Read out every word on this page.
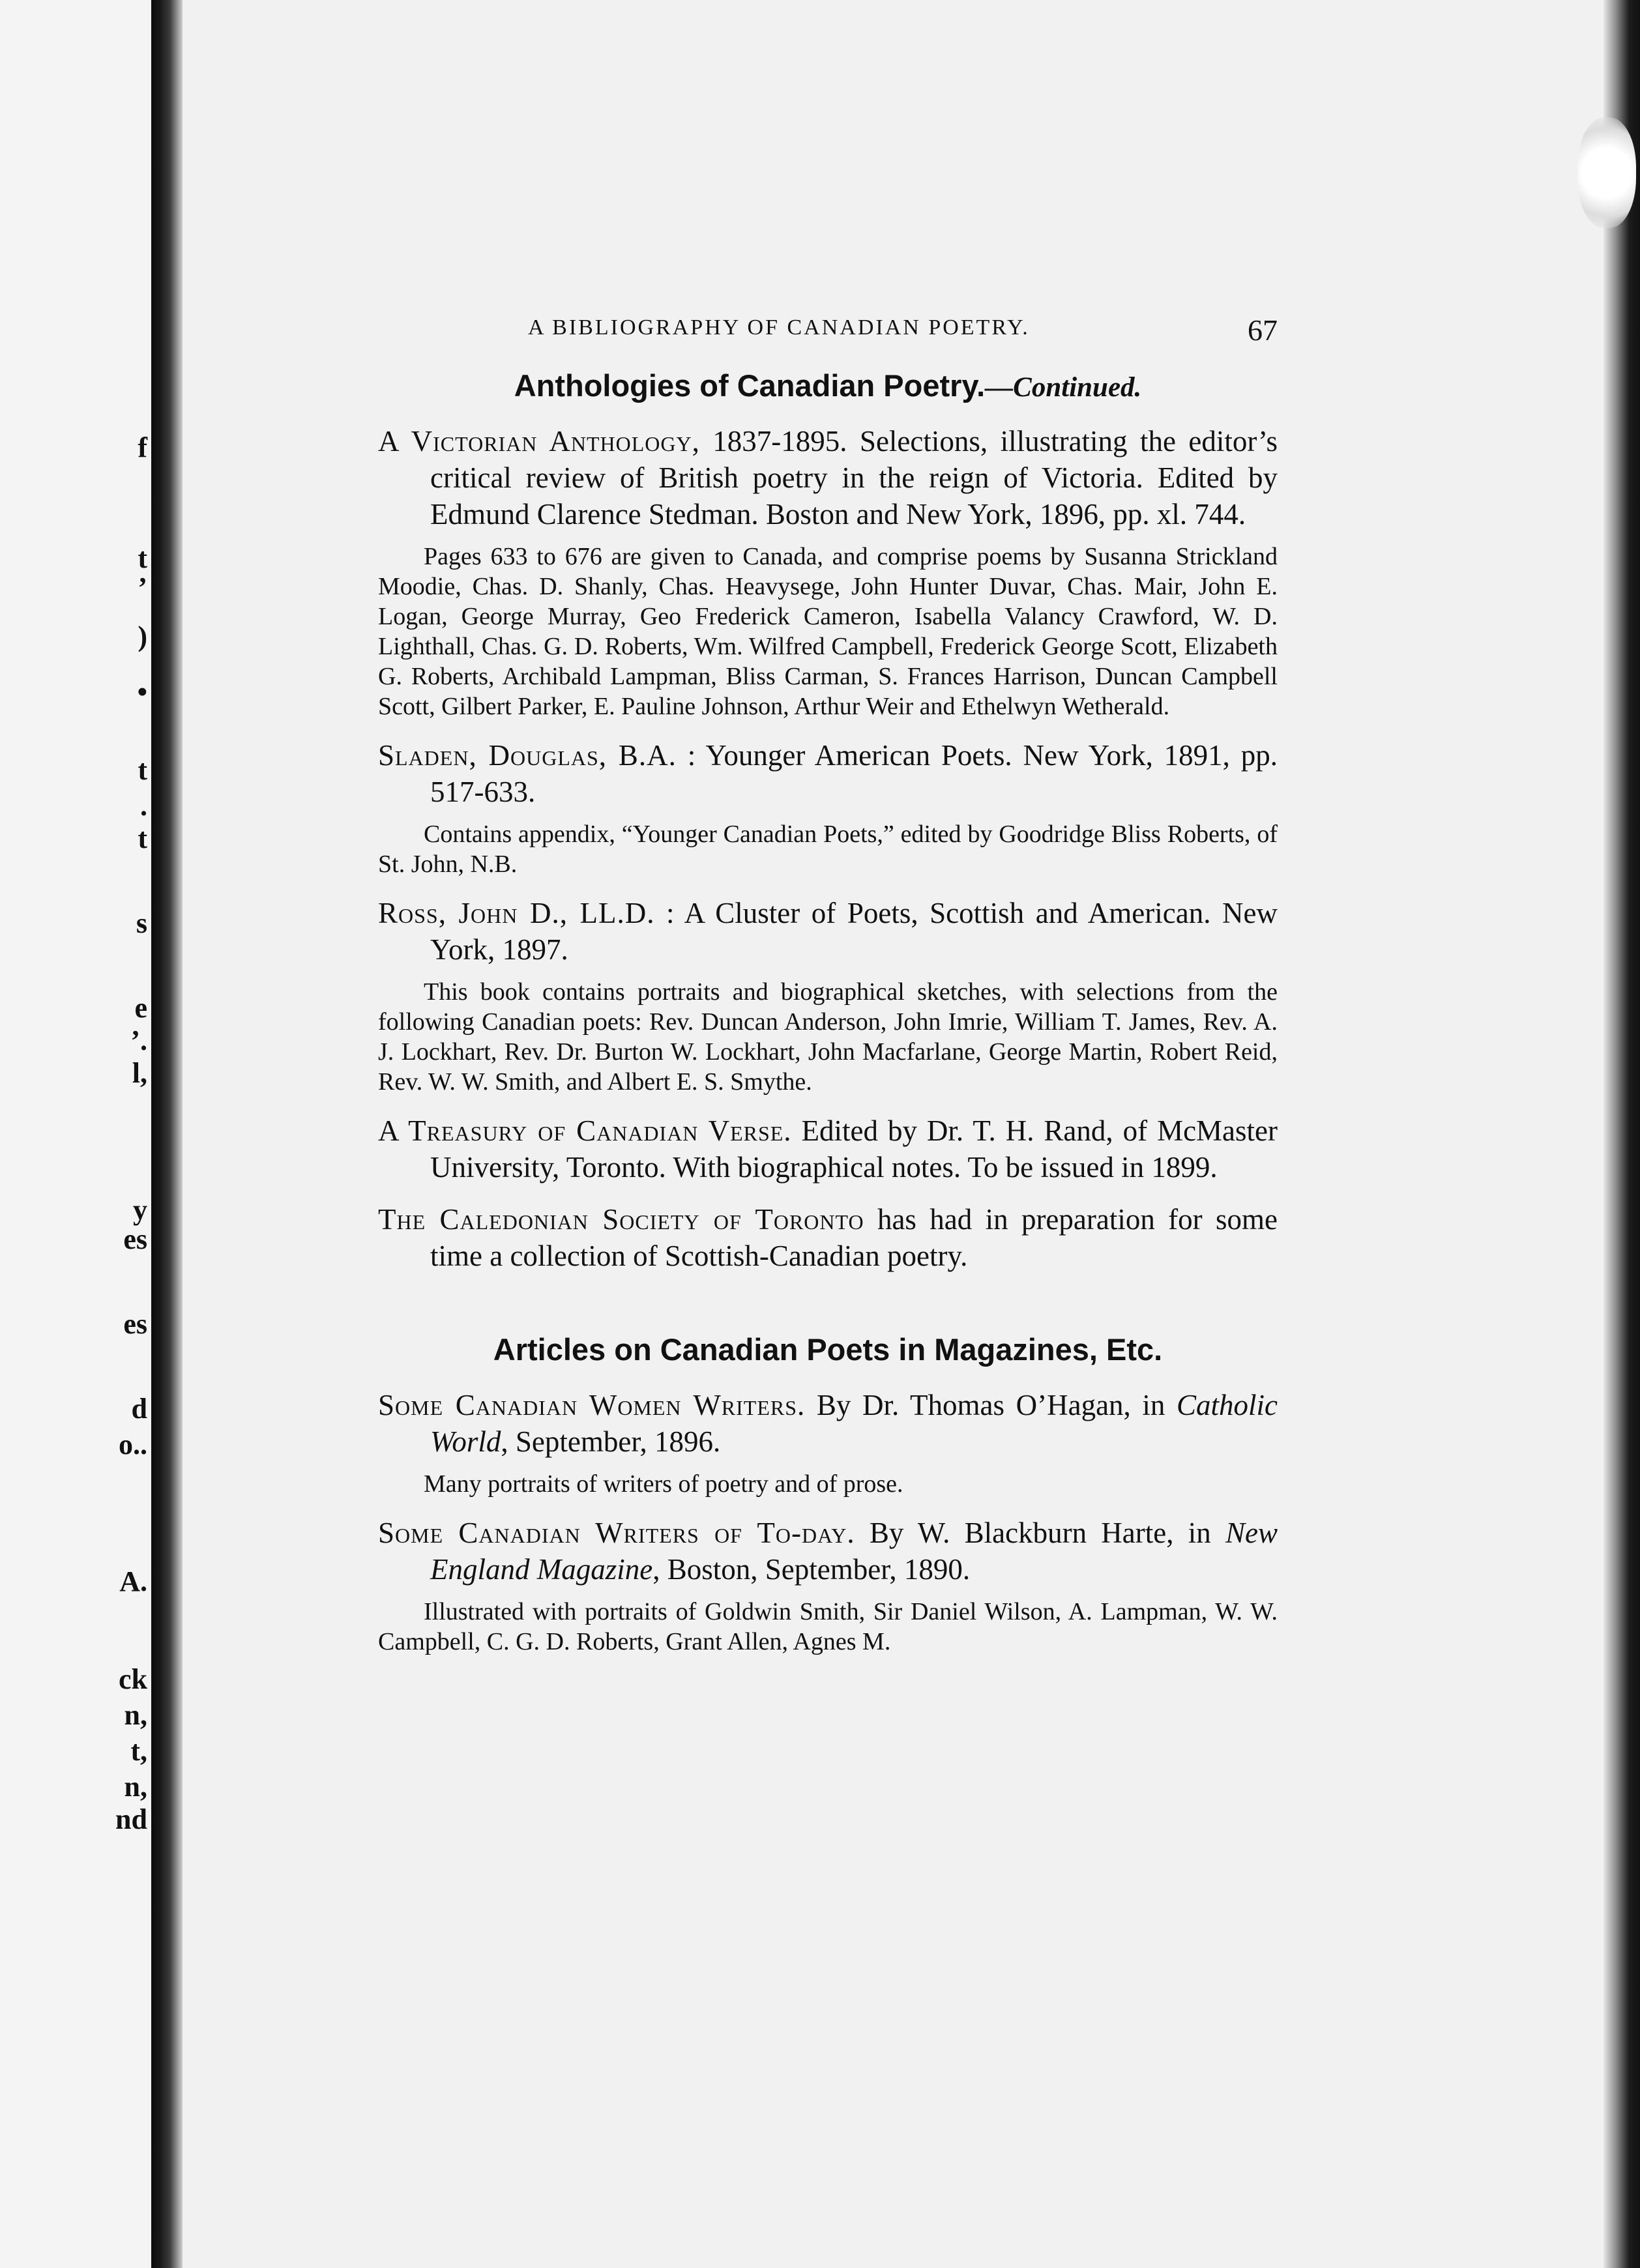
f
t
’
)
•
t
.
t
s
e
’.
l,
y
es
es
d
o..
A.
ck
n,
t,
n,
nd
A BIBLIOGRAPHY OF CANADIAN POETRY.	67
Anthologies of Canadian Poetry.—Continued.
A Victorian Anthology, 1837-1895. Selections, illustrating the editor’s critical review of British poetry in the reign of Victoria. Edited by Edmund Clarence Stedman. Boston and New York, 1896, pp. xl. 744.
Pages 633 to 676 are given to Canada, and comprise poems by Susanna Strickland Moodie, Chas. D. Shanly, Chas. Heavysege, John Hunter Duvar, Chas. Mair, John E. Logan, George Murray, Geo Frederick Cameron, Isabella Valancy Crawford, W. D. Lighthall, Chas. G. D. Roberts, Wm. Wilfred Campbell, Frederick George Scott, Elizabeth G. Roberts, Archibald Lampman, Bliss Carman, S. Frances Harrison, Duncan Campbell Scott, Gilbert Parker, E. Pauline Johnson, Arthur Weir and Ethelwyn Wetherald.
Sladen, Douglas, B.A. : Younger American Poets. New York, 1891, pp. 517-633.
Contains appendix, “Younger Canadian Poets,” edited by Goodridge Bliss Roberts, of St. John, N.B.
Ross, John D., LL.D. : A Cluster of Poets, Scottish and American. New York, 1897.
This book contains portraits and biographical sketches, with selections from the following Canadian poets: Rev. Duncan Anderson, John Imrie, William T. James, Rev. A. J. Lockhart, Rev. Dr. Burton W. Lockhart, John Macfarlane, George Martin, Robert Reid, Rev. W. W. Smith, and Albert E. S. Smythe.
A Treasury of Canadian Verse. Edited by Dr. T. H. Rand, of McMaster University, Toronto. With biographical notes. To be issued in 1899.
The Caledonian Society of Toronto has had in preparation for some time a collection of Scottish-Canadian poetry.
Articles on Canadian Poets in Magazines, Etc.
Some Canadian Women Writers. By Dr. Thomas O’Hagan, in Catholic World, September, 1896.
Many portraits of writers of poetry and of prose.
Some Canadian Writers of To-day. By W. Blackburn Harte, in New England Magazine, Boston, September, 1890.
Illustrated with portraits of Goldwin Smith, Sir Daniel Wilson, A. Lampman, W. W. Campbell, C. G. D. Roberts, Grant Allen, Agnes M.
